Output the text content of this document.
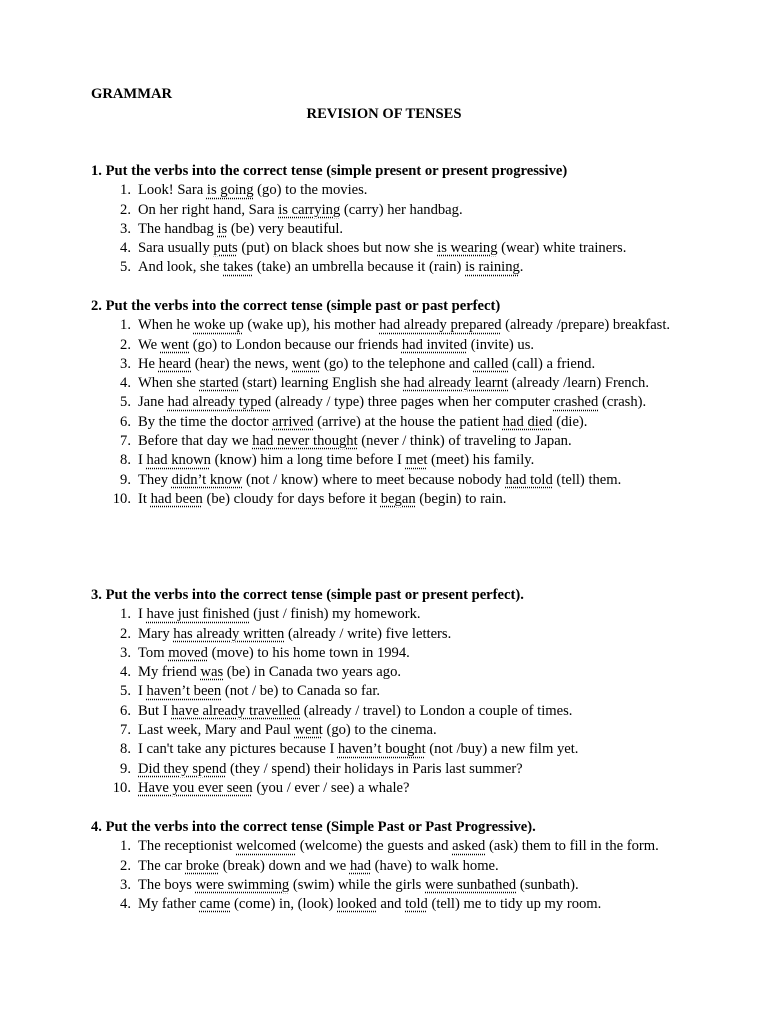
GRAMMAR
REVISION OF TENSES
1. Put the verbs into the correct tense (simple present or present progressive)
1. Look! Sara is going (go) to the movies.
2. On her right hand, Sara is carrying (carry) her handbag.
3. The handbag is (be) very beautiful.
4. Sara usually puts (put) on black shoes but now she is wearing (wear) white trainers.
5. And look, she takes (take) an umbrella because it (rain) is raining.
2. Put the verbs into the correct tense (simple past or past perfect)
1. When he woke up (wake up), his mother had already prepared (already /prepare) breakfast.
2. We went (go) to London because our friends had invited (invite) us.
3. He heard (hear) the news, went (go) to the telephone and called (call) a friend.
4. When she started (start) learning English she had already learnt (already /learn) French.
5. Jane had already typed (already / type) three pages when her computer crashed (crash).
6. By the time the doctor arrived (arrive) at the house the patient had died (die).
7. Before that day we had never thought (never / think) of traveling to Japan.
8. I had known (know) him a long time before I met (meet) his family.
9. They didn’t know (not / know) where to meet because nobody had told (tell) them.
10. It had been (be) cloudy for days before it began (begin) to rain.
3. Put the verbs into the correct tense (simple past or present perfect).
1. I have just finished (just / finish) my homework.
2. Mary has already written (already / write) five letters.
3. Tom moved (move) to his home town in 1994.
4. My friend was (be) in Canada two years ago.
5. I haven’t been (not / be) to Canada so far.
6. But I have already travelled (already / travel) to London a couple of times.
7. Last week, Mary and Paul went (go) to the cinema.
8. I can't take any pictures because I haven’t bought (not /buy) a new film yet.
9. Did they spend (they / spend) their holidays in Paris last summer?
10. Have you ever seen (you / ever / see) a whale?
4. Put the verbs into the correct tense (Simple Past or Past Progressive).
1. The receptionist welcomed (welcome) the guests and asked (ask) them to fill in the form.
2. The car broke (break) down and we had (have) to walk home.
3. The boys were swimming (swim) while the girls were sunbathed (sunbath).
4. My father came (come) in, (look) looked and told (tell) me to tidy up my room.
